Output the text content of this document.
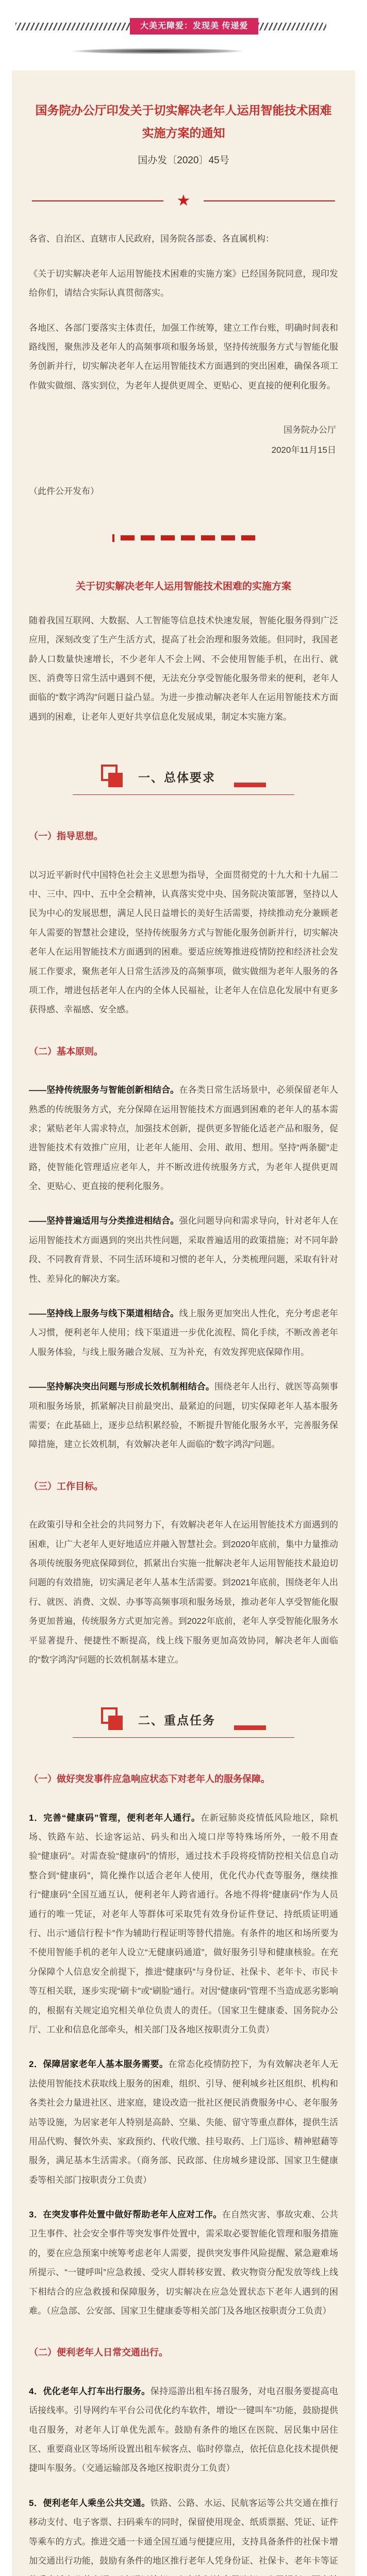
大美无障爱：发现美 传递爱
国务院办公厅印发关于切实解决老年人运用智能技术困难实施方案的通知
国办发〔2020〕45号
★

各省、自治区、直辖市人民政府，国务院各部委、各直属机构：

《关于切实解决老年人运用智能技术困难的实施方案》已经国务院同意，现印发给你们，请结合实际认真贯彻落实。

各地区、各部门要落实主体责任，加强工作统筹，建立工作台账，明确时间表和路线图，聚焦涉及老年人的高频事项和服务场景，坚持传统服务方式与智能化服务创新并行，切实解决老年人在运用智能技术方面遇到的突出困难，确保各项工作做实做细、落实到位，为老年人提供更周全、更贴心、更直接的便利化服务。

国务院办公厅
2020年11月15日

（此件公开发布）

关于切实解决老年人运用智能技术困难的实施方案

随着我国互联网、大数据、人工智能等信息技术快速发展，智能化服务得到广泛应用，深刻改变了生产生活方式，提高了社会治理和服务效能。但同时，我国老龄人口数量快速增长，不少老年人不会上网、不会使用智能手机，在出行、就医、消费等日常生活中遇到不便，无法充分享受智能化服务带来的便利，老年人面临的“数字鸿沟”问题日益凸显。为进一步推动解决老年人在运用智能技术方面遇到的困难，让老年人更好共享信息化发展成果，制定本实施方案。

一、总体要求

（一）指导思想。

以习近平新时代中国特色社会主义思想为指导，全面贯彻党的十九大和十九届二中、三中、四中、五中全会精神，认真落实党中央、国务院决策部署，坚持以人民为中心的发展思想，满足人民日益增长的美好生活需要，持续推动充分兼顾老年人需要的智慧社会建设，坚持传统服务方式与智能化服务创新并行，切实解决老年人在运用智能技术方面遇到的困难。要适应统筹推进疫情防控和经济社会发展工作要求，聚焦老年人日常生活涉及的高频事项，做实做细为老年人服务的各项工作，增进包括老年人在内的全体人民福祉，让老年人在信息化发展中有更多获得感、幸福感、安全感。

（二）基本原则。

——坚持传统服务与智能创新相结合。在各类日常生活场景中，必须保留老年人熟悉的传统服务方式，充分保障在运用智能技术方面遇到困难的老年人的基本需求；紧贴老年人需求特点，加强技术创新，提供更多智能化适老产品和服务，促进智能技术有效推广应用，让老年人能用、会用、敢用、想用。坚持“两条腿”走路，使智能化管理适应老年人，并不断改进传统服务方式，为老年人提供更周全、更贴心、更直接的便利化服务。

——坚持普遍适用与分类推进相结合。强化问题导向和需求导向，针对老年人在运用智能技术方面遇到的突出共性问题，采取普遍适用的政策措施；对不同年龄段、不同教育背景、不同生活环境和习惯的老年人，分类梳理问题，采取有针对性、差异化的解决方案。

——坚持线上服务与线下渠道相结合。线上服务更加突出人性化，充分考虑老年人习惯，便利老年人使用；线下渠道进一步优化流程、简化手续，不断改善老年人服务体验，与线上服务融合发展、互为补充，有效发挥兜底保障作用。

——坚持解决突出问题与形成长效机制相结合。围绕老年人出行、就医等高频事项和服务场景，抓紧解决目前最突出、最紧迫的问题，切实保障老年人基本服务需要；在此基础上，逐步总结积累经验，不断提升智能化服务水平，完善服务保障措施，建立长效机制，有效解决老年人面临的“数字鸿沟”问题。

（三）工作目标。

在政策引导和全社会的共同努力下，有效解决老年人在运用智能技术方面遇到的困难，让广大老年人更好地适应并融入智慧社会。到2020年底前，集中力量推动各项传统服务兜底保障到位，抓紧出台实施一批解决老年人运用智能技术最迫切问题的有效措施，切实满足老年人基本生活需要。到2021年底前，围绕老年人出行、就医、消费、文娱、办事等高频事项和服务场景，推动老年人享受智能化服务更加普遍，传统服务方式更加完善。到2022年底前，老年人享受智能化服务水平显著提升、便捷性不断提高，线上线下服务更加高效协同，解决老年人面临的“数字鸿沟”问题的长效机制基本建立。

二、重点任务

（一）做好突发事件应急响应状态下对老年人的服务保障。

1．完善“健康码”管理，便利老年人通行。在新冠肺炎疫情低风险地区，除机场、铁路车站、长途客运站、码头和出入境口岸等特殊场所外，一般不用查验“健康码”。对需查验“健康码”的情形，通过技术手段将疫情防控相关信息自动整合到“健康码”，简化操作以适合老年人使用，优化代办代查等服务，继续推行“健康码”全国互通互认，便利老年人跨省通行。各地不得将“健康码”作为人员通行的唯一凭证，对老年人等群体可采取凭有效身份证件登记、持纸质证明通行、出示“通信行程卡”作为辅助行程证明等替代措施。有条件的地区和场所要为不使用智能手机的老年人设立“无健康码通道”，做好服务引导和健康核验。在充分保障个人信息安全前提下，推进“健康码”与身份证、社保卡、老年卡、市民卡等互相关联，逐步实现“刷卡”或“刷脸”通行。对因“健康码”管理不当造成恶劣影响的，根据有关规定追究相关单位负责人的责任。（国家卫生健康委、国务院办公厅、工业和信息化部牵头，相关部门及各地区按职责分工负责）

2．保障居家老年人基本服务需要。在常态化疫情防控下，为有效解决老年人无法使用智能技术获取线上服务的困难，组织、引导、便利城乡社区组织、机构和各类社会力量进社区、进家庭，建设改造一批社区便民消费服务中心、老年服务站等设施，为居家老年人特别是高龄、空巢、失能、留守等重点群体，提供生活用品代购、餐饮外卖、家政预约、代收代缴、挂号取药、上门巡诊、精神慰藉等服务，满足基本生活需求。（商务部、民政部、住房城乡建设部、国家卫生健康委等相关部门按职责分工负责）

3．在突发事件处置中做好帮助老年人应对工作。在自然灾害、事故灾难、公共卫生事件、社会安全事件等突发事件处置中，需采取必要智能化管理和服务措施的，要在应急预案中统筹考虑老年人需要，提供突发事件风险提醒、紧急避难场所提示、“一键呼叫”应急救援、受灾人群转移安置、救灾物资分配发放等线上线下相结合的应急救援和保障服务，切实解决在应急处置状态下老年人遇到的困难。（应急部、公安部、国家卫生健康委等相关部门及各地区按职责分工负责）

（二）便利老年人日常交通出行。

4．优化老年人打车出行服务。保持巡游出租车扬召服务，对电召服务要提高电话接线率。引导网约车平台公司优化约车软件，增设“一键叫车”功能，鼓励提供电召服务，对老年人订单优先派车。鼓励有条件的地区在医院、居民集中居住区、重要商业区等场所设置出租车候客点、临时停靠点，依托信息化技术提供便捷叫车服务。（交通运输部及各地区按职责分工负责）

5．便利老年人乘坐公共交通。铁路、公路、水运、民航客运等公共交通在推行移动支付、电子客票、扫码乘车的同时，保留使用现金、纸质票据、凭证、证件等乘车的方式。推进交通一卡通全国互通与便捷应用，支持具备条件的社保卡增加交通出行功能，鼓励有条件的地区推行老年人凭身份证、社保卡、老年卡等证
